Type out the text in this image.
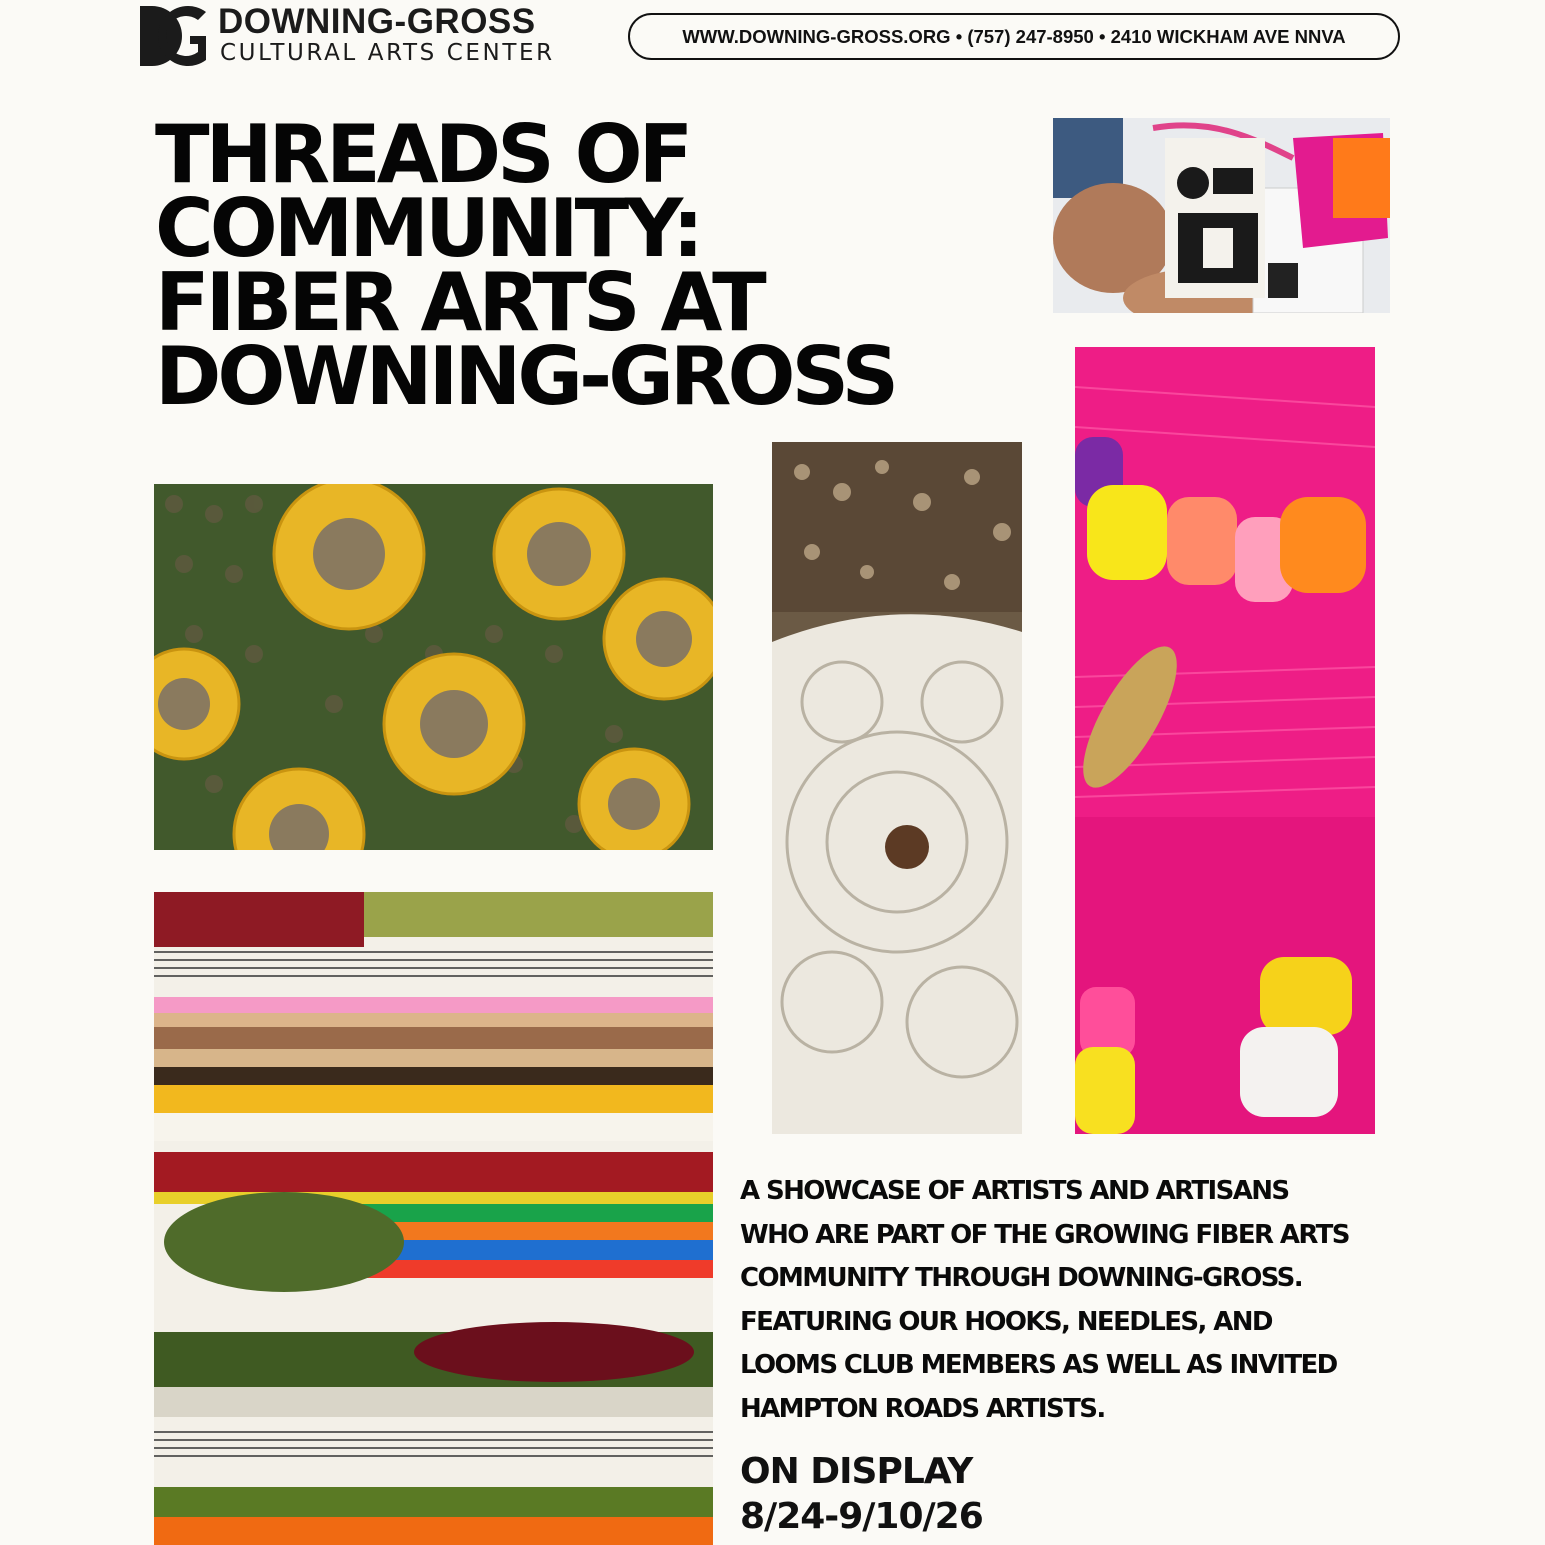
DOWNING-GROSS
CULTURAL ARTS CENTER
WWW.DOWNING-GROSS.ORG • (757) 247-8950 • 2410 WICKHAM AVE NNVA
THREADS OF
COMMUNITY:
FIBER ARTS AT
DOWNING-GROSS

A SHOWCASE OF ARTISTS AND ARTISANS
WHO ARE PART OF THE GROWING FIBER ARTS
COMMUNITY THROUGH DOWNING-GROSS.
FEATURING OUR HOOKS, NEEDLES, AND
LOOMS CLUB MEMBERS AS WELL AS INVITED
HAMPTON ROADS ARTISTS.

ON DISPLAY
8/24-9/10/26
